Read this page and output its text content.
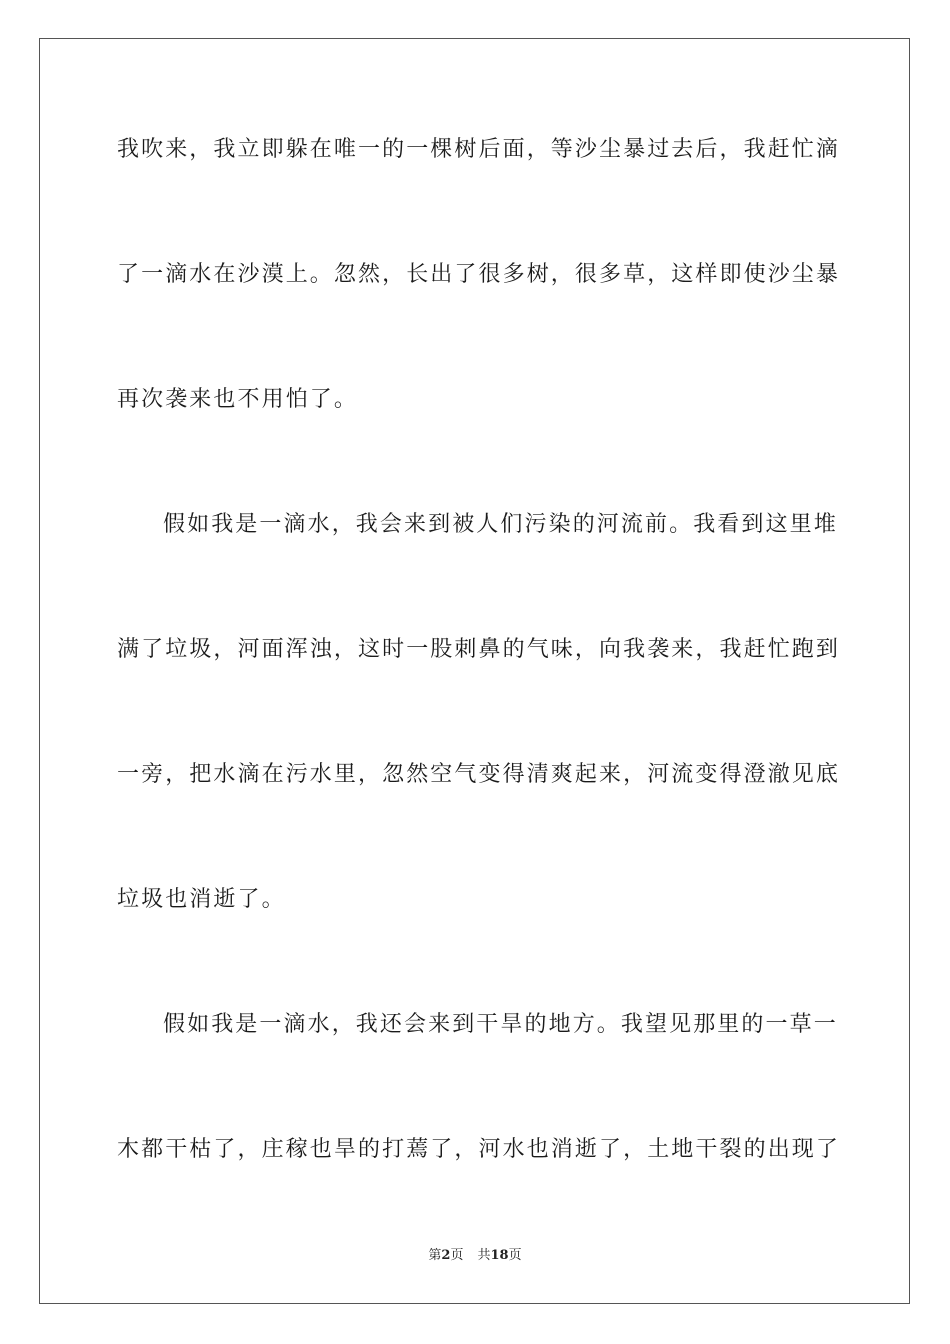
我吹来，我立即躲在唯一的一棵树后面，等沙尘暴过去后，我赶忙滴
了一滴水在沙漠上。忽然，长出了很多树，很多草，这样即使沙尘暴
再次袭来也不用怕了。
假如我是一滴水，我会来到被人们污染的河流前。我看到这里堆
满了垃圾，河面浑浊，这时一股刺鼻的气味，向我袭来，我赶忙跑到
一旁，把水滴在污水里，忽然空气变得清爽起来，河流变得澄澈见底
垃圾也消逝了。
假如我是一滴水，我还会来到干旱的地方。我望见那里的一草一
木都干枯了，庄稼也旱的打蔫了，河水也消逝了，土地干裂的出现了
第2页 共18页
